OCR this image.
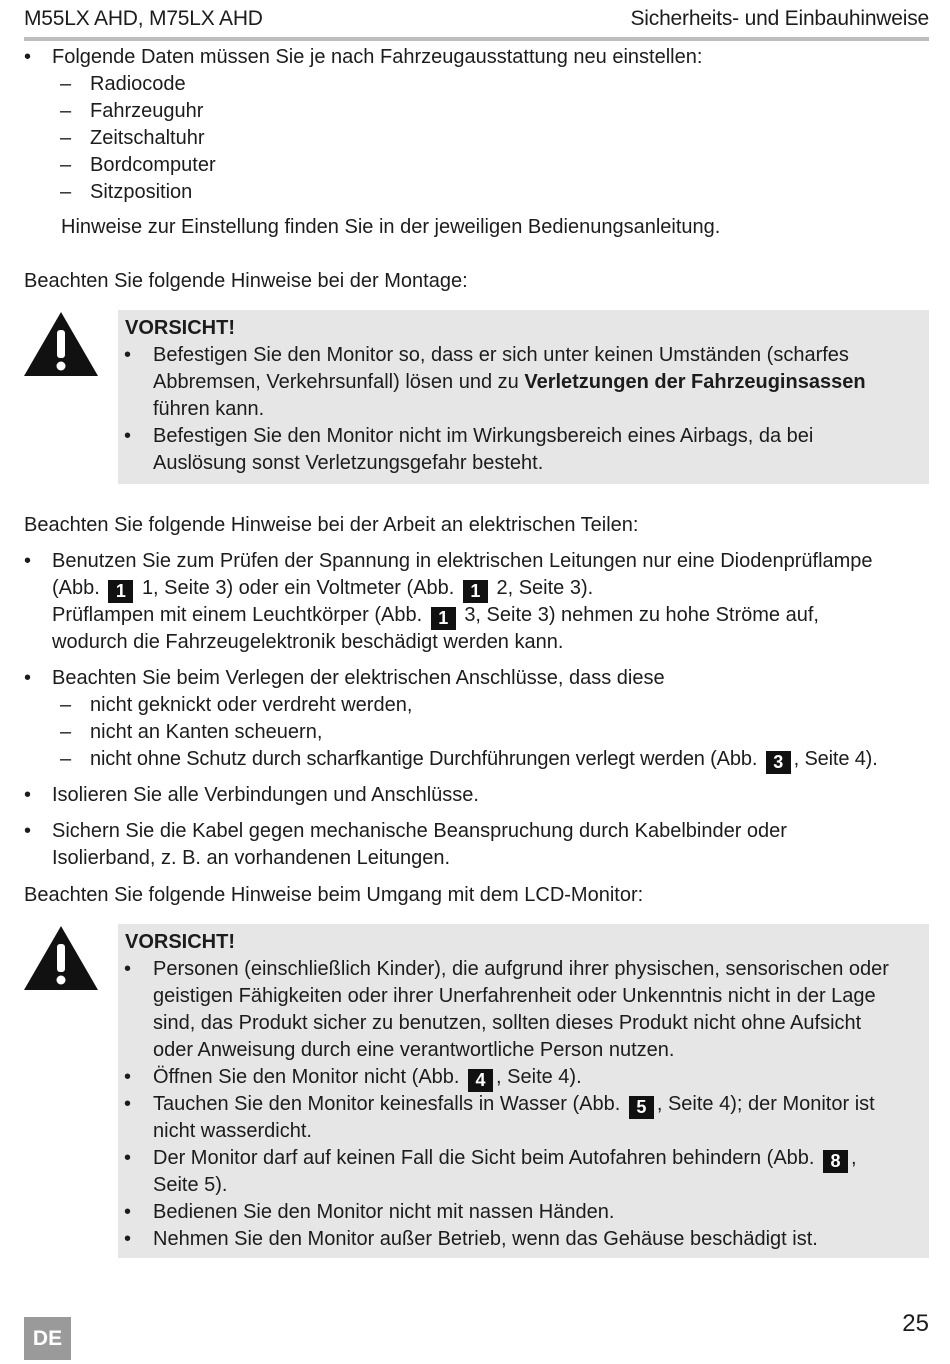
M55LX AHD, M75LX AHD	Sicherheits- und Einbauhinweise
•	Folgende Daten müssen Sie je nach Fahrzeugausstattung neu einstellen:
– Radiocode
– Fahrzeuguhr
– Zeitschaltuhr
– Bordcomputer
– Sitzposition
Hinweise zur Einstellung finden Sie in der jeweiligen Bedienungsanleitung.
Beachten Sie folgende Hinweise bei der Montage:
VORSICHT!
• Befestigen Sie den Monitor so, dass er sich unter keinen Umständen (scharfes
Abbremsen, Verkehrsunfall) lösen und zu Verletzungen der Fahrzeuginsassen
führen kann.
• Befestigen Sie den Monitor nicht im Wirkungsbereich eines Airbags, da bei
Auslösung sonst Verletzungsgefahr besteht.
Beachten Sie folgende Hinweise bei der Arbeit an elektrischen Teilen:
•	Benutzen Sie zum Prüfen der Spannung in elektrischen Leitungen nur eine Diodenprüflampe
(Abb. 1 1, Seite 3) oder ein Voltmeter (Abb. 1 2, Seite 3).
Prüflampen mit einem Leuchtkörper (Abb. 1 3, Seite 3) nehmen zu hohe Ströme auf,
wodurch die Fahrzeugelektronik beschädigt werden kann.
•	Beachten Sie beim Verlegen der elektrischen Anschlüsse, dass diese
– nicht geknickt oder verdreht werden,
– nicht an Kanten scheuern,
– nicht ohne Schutz durch scharfkantige Durchführungen verlegt werden (Abb. 3 , Seite 4).
•	Isolieren Sie alle Verbindungen und Anschlüsse.
•	Sichern Sie die Kabel gegen mechanische Beanspruchung durch Kabelbinder oder
Isolierband, z. B. an vorhandenen Leitungen.
Beachten Sie folgende Hinweise beim Umgang mit dem LCD-Monitor:
VORSICHT!
• Personen (einschließlich Kinder), die aufgrund ihrer physischen, sensorischen oder
geistigen Fähigkeiten oder ihrer Unerfahrenheit oder Unkenntnis nicht in der Lage
sind, das Produkt sicher zu benutzen, sollten dieses Produkt nicht ohne Aufsicht
oder Anweisung durch eine verantwortliche Person nutzen.
• Öffnen Sie den Monitor nicht (Abb. 4 , Seite 4).
• Tauchen Sie den Monitor keinesfalls in Wasser (Abb. 5 , Seite 4); der Monitor ist
nicht wasserdicht.
• Der Monitor darf auf keinen Fall die Sicht beim Autofahren behindern (Abb. 8 ,
Seite 5).
• Bedienen Sie den Monitor nicht mit nassen Händen.
• Nehmen Sie den Monitor außer Betrieb, wenn das Gehäuse beschädigt ist.
DE
25
